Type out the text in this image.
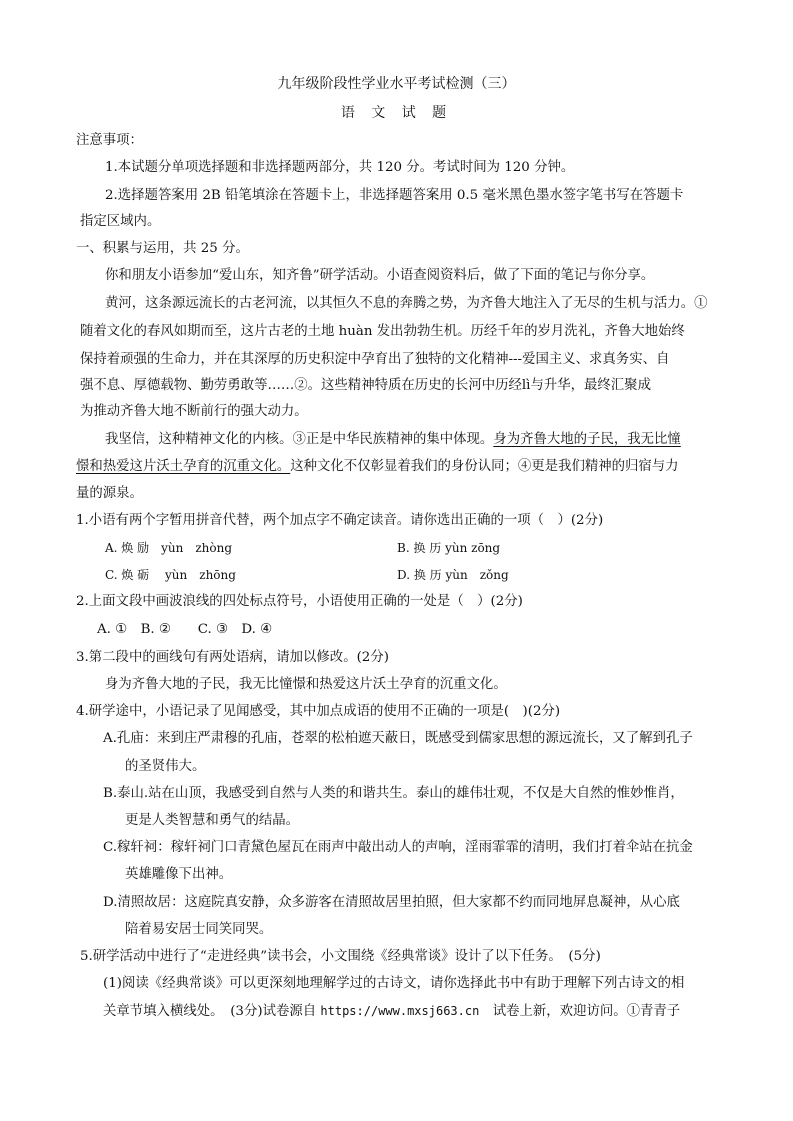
九年级阶段性学业水平考试检测（三）
语 文 试 题
注意事项：
1.本试题分单项选择题和非选择题两部分，共 120 分。考试时间为 120 分钟。
2.选择题答案用 2B 铅笔填涂在答题卡上，非选择题答案用 0.5 毫米黑色墨水签字笔书写在答题卡
指定区域内。
一、积累与运用，共 25 分。
你和朋友小语参加“爱山东，知齐鲁”研学活动。小语查阅资料后，做了下面的笔记与你分享。
黄河，这条源远流长的古老河流，以其恒久不息的奔腾之势，为齐鲁大地注入了无尽的生机与活力。①
随着文化的春风如期而至，这片古老的土地 huàn 发出勃勃生机。历经千年的岁月洗礼，齐鲁大地始终
保持着顽强的生命力，并在其深厚的历史积淀中孕育出了独特的文化精神---爱国主义、求真务实、自
强不息、厚德载物、勤劳勇敢等……②。这些精神特质在历史的长河中历经lì与升华，最终汇聚成
为推动齐鲁大地不断前行的强大动力。
我坚信，这种精神文化的内核。③正是中华民族精神的集中体现。身为齐鲁大地的子民，我无比憧
憬和热爱这片沃土孕育的沉重文化。这种文化不仅彰显着我们的身份认同；④更是我们精神的归宿与力
量的源泉。
1.小语有两个字暂用拼音代替，两个加点字不确定读音。请你选出正确的一项（　）(2分)
A. 焕 励　yùn　zhòng	B. 换 历 yùn zōng
C. 焕 砺　 yùn　zhōng	D. 换 历 yùn　zǒng
2.上面文段中画波浪线的四处标点符号，小语使用正确的一处是（　）(2分)
A. ①　B. ②　　C. ③　D. ④
3.第二段中的画线句有两处语病，请加以修改。(2分)
身为齐鲁大地的子民，我无比憧憬和热爱这片沃土孕育的沉重文化。
4.研学途中，小语记录了见闻感受，其中加点成语的使用不正确的一项是(　)(2分)
A.孔庙：来到庄严肃穆的孔庙，苍翠的松柏遮天蔽日，既感受到儒家思想的源远流长，又了解到孔子
的圣贤伟大。
B.泰山.站在山顶，我感受到自然与人类的和谐共生。泰山的雄伟壮观，不仅是大自然的惟妙惟肖，
更是人类智慧和勇气的结晶。
C.稼轩祠：稼轩祠门口青黛色屋瓦在雨声中敲出动人的声响，淫雨霏霏的清明，我们打着伞站在抗金
英雄雕像下出神。
D.清照故居：这庭院真安静，众多游客在清照故居里拍照，但大家都不约而同地屏息凝神，从心底
陪着易安居士同笑同哭。
5.研学活动中进行了“走进经典”读书会，小文围绕《经典常谈》设计了以下任务。　(5分)
(1)阅读《经典常谈》可以更深刻地理解学过的古诗文，请你选择此书中有助于理解下列古诗文的相
关章节填入横线处。　(3分)试卷源自 https://www.mxsj663.cn　试卷上新，欢迎访问。①青青子
